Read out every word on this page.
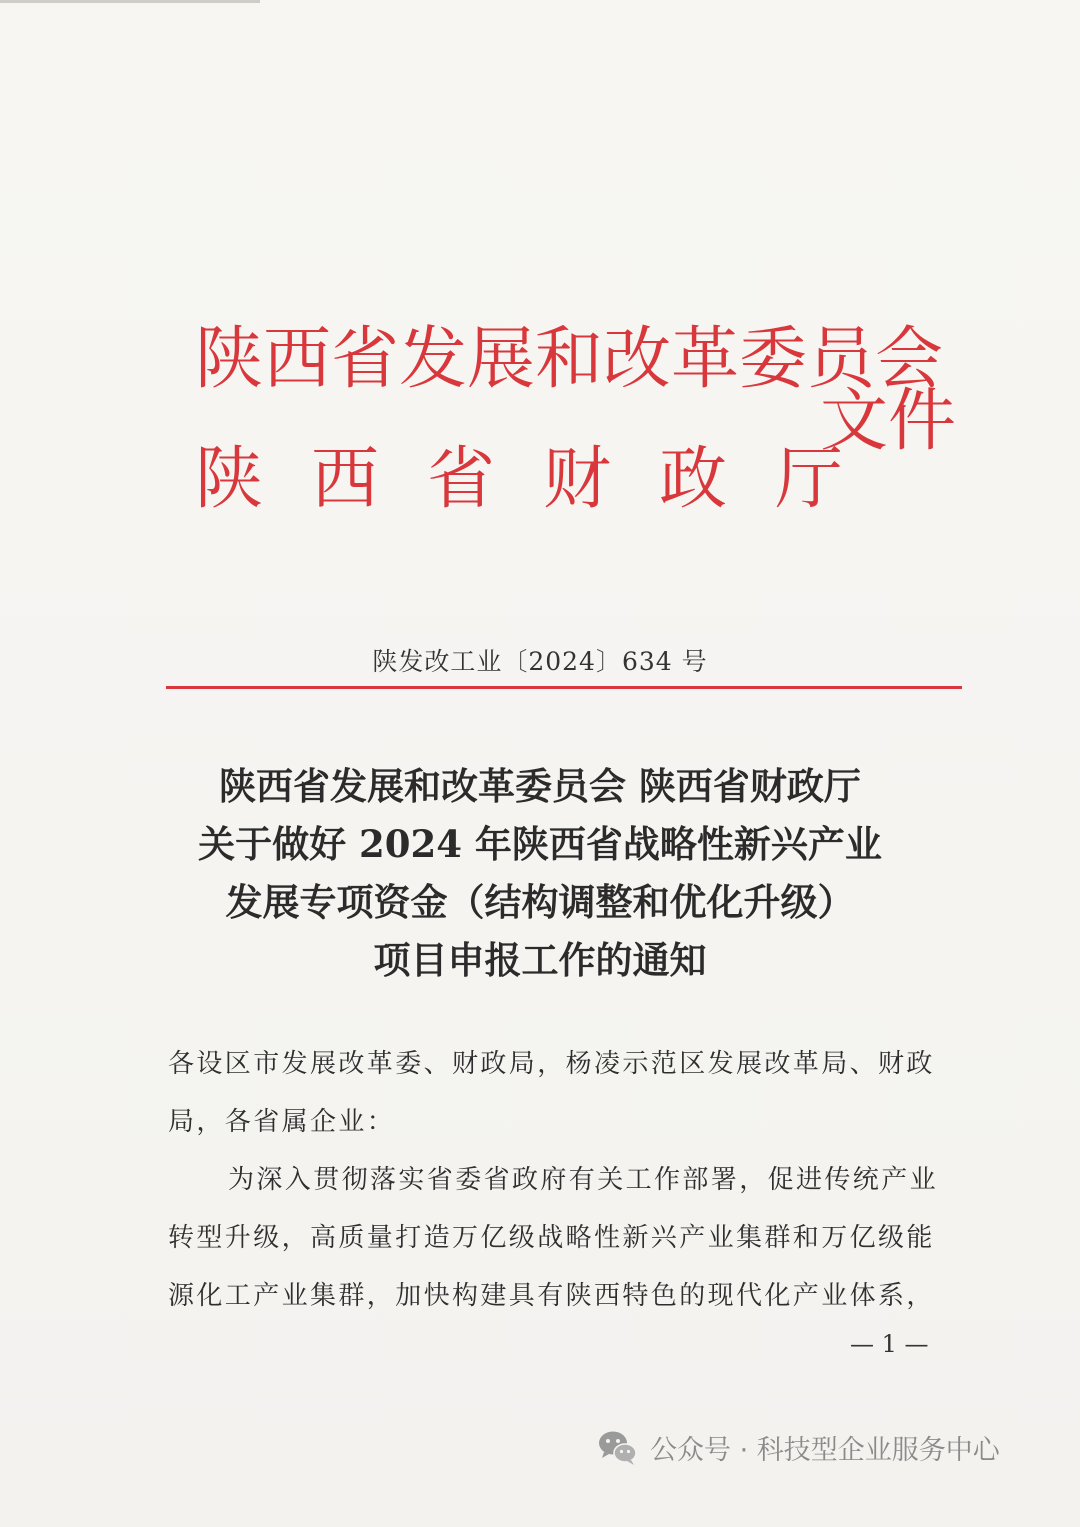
陕西省发展和改革委员会
陕西省财政厅
文件
陕发改工业〔2024〕634 号
陕西省发展和改革委员会 陕西省财政厅
关于做好 2024 年陕西省战略性新兴产业
发展专项资金（结构调整和优化升级）
项目申报工作的通知

各设区市发展改革委、财政局，杨凌示范区发展改革局、财政

局，各省属企业：

为深入贯彻落实省委省政府有关工作部署，促进传统产业

转型升级，高质量打造万亿级战略性新兴产业集群和万亿级能

源化工产业集群，加快构建具有陕西特色的现代化产业体系，

— 1 —
公众号 · 科技型企业服务中心
